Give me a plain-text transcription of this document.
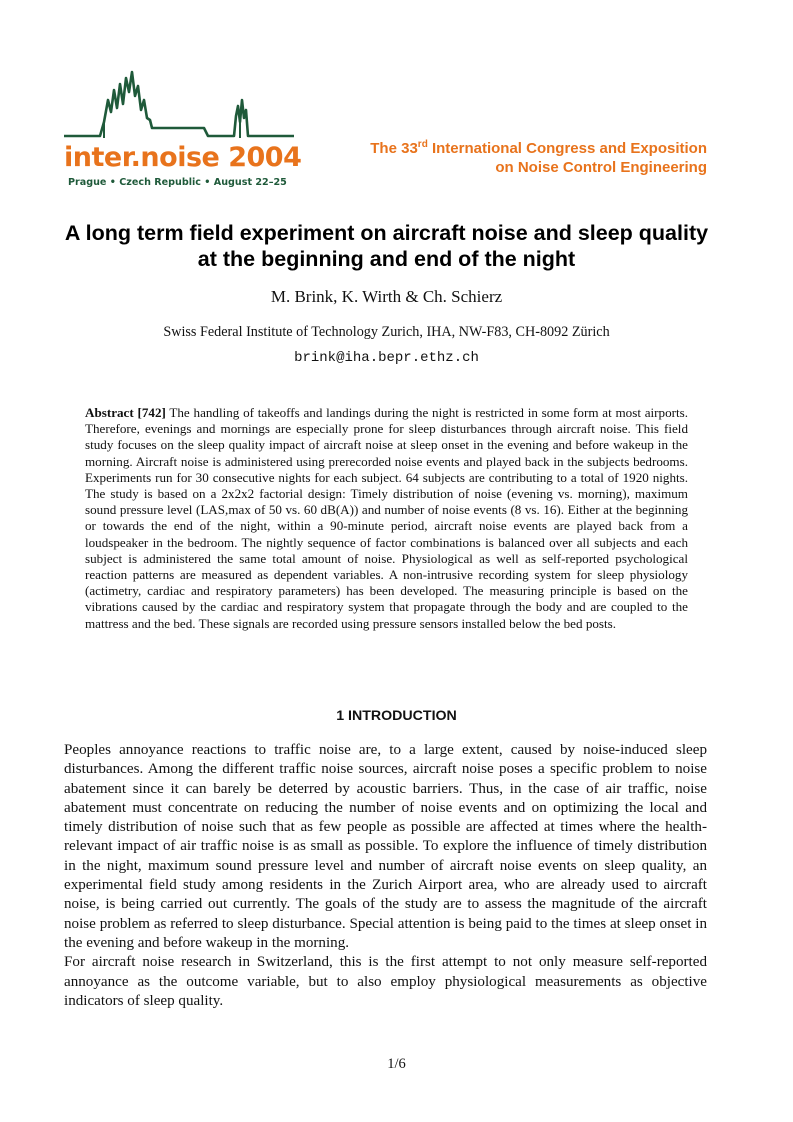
inter.noise 2004
Prague • Czech Republic • August 22–25
The 33rd International Congress and Exposition
on Noise Control Engineering
A long term field experiment on aircraft noise and sleep quality at the beginning and end of the night
M. Brink, K. Wirth & Ch. Schierz
Swiss Federal Institute of Technology Zurich, IHA, NW-F83, CH-8092 Zürich
brink@iha.bepr.ethz.ch
Abstract [742] The handling of takeoffs and landings during the night is restricted in some form at most airports. Therefore, evenings and mornings are especially prone for sleep disturbances through aircraft noise. This field study focuses on the sleep quality impact of aircraft noise at sleep onset in the evening and before wakeup in the morning. Aircraft noise is administered using prerecorded noise events and played back in the subjects bedrooms. Experiments run for 30 consecutive nights for each subject. 64 subjects are contributing to a total of 1920 nights. The study is based on a 2x2x2 factorial design: Timely distribution of noise (evening vs. morning), maximum sound pressure level (LAS,max of 50 vs. 60 dB(A)) and number of noise events (8 vs. 16). Either at the beginning or towards the end of the night, within a 90-minute period, aircraft noise events are played back from a loudspeaker in the bedroom. The nightly sequence of factor combinations is balanced over all subjects and each subject is administered the same total amount of noise. Physiological as well as self-reported psychological reaction patterns are measured as dependent variables. A non-intrusive recording system for sleep physiology (actimetry, cardiac and respiratory parameters) has been developed. The measuring principle is based on the vibrations caused by the cardiac and respiratory system that propagate through the body and are coupled to the mattress and the bed. These signals are recorded using pressure sensors installed below the bed posts.
1 INTRODUCTION

Peoples annoyance reactions to traffic noise are, to a large extent, caused by noise-induced sleep disturbances. Among the different traffic noise sources, aircraft noise poses a specific problem to noise abatement since it can barely be deterred by acoustic barriers. Thus, in the case of air traffic, noise abatement must concentrate on reducing the number of noise events and on optimizing the local and timely distribution of noise such that as few people as possible are affected at times where the health-relevant impact of air traffic noise is as small as possible. To explore the influence of timely distribution in the night, maximum sound pressure level and number of aircraft noise events on sleep quality, an experimental field study among residents in the Zurich Airport area, who are already used to aircraft noise, is being carried out currently. The goals of the study are to assess the magnitude of the aircraft noise problem as referred to sleep disturbance. Special attention is being paid to the times at sleep onset in the evening and before wakeup in the morning.

For aircraft noise research in Switzerland, this is the first attempt to not only measure self-reported annoyance as the outcome variable, but to also employ physiological measurements as objective indicators of sleep quality.

1/6
